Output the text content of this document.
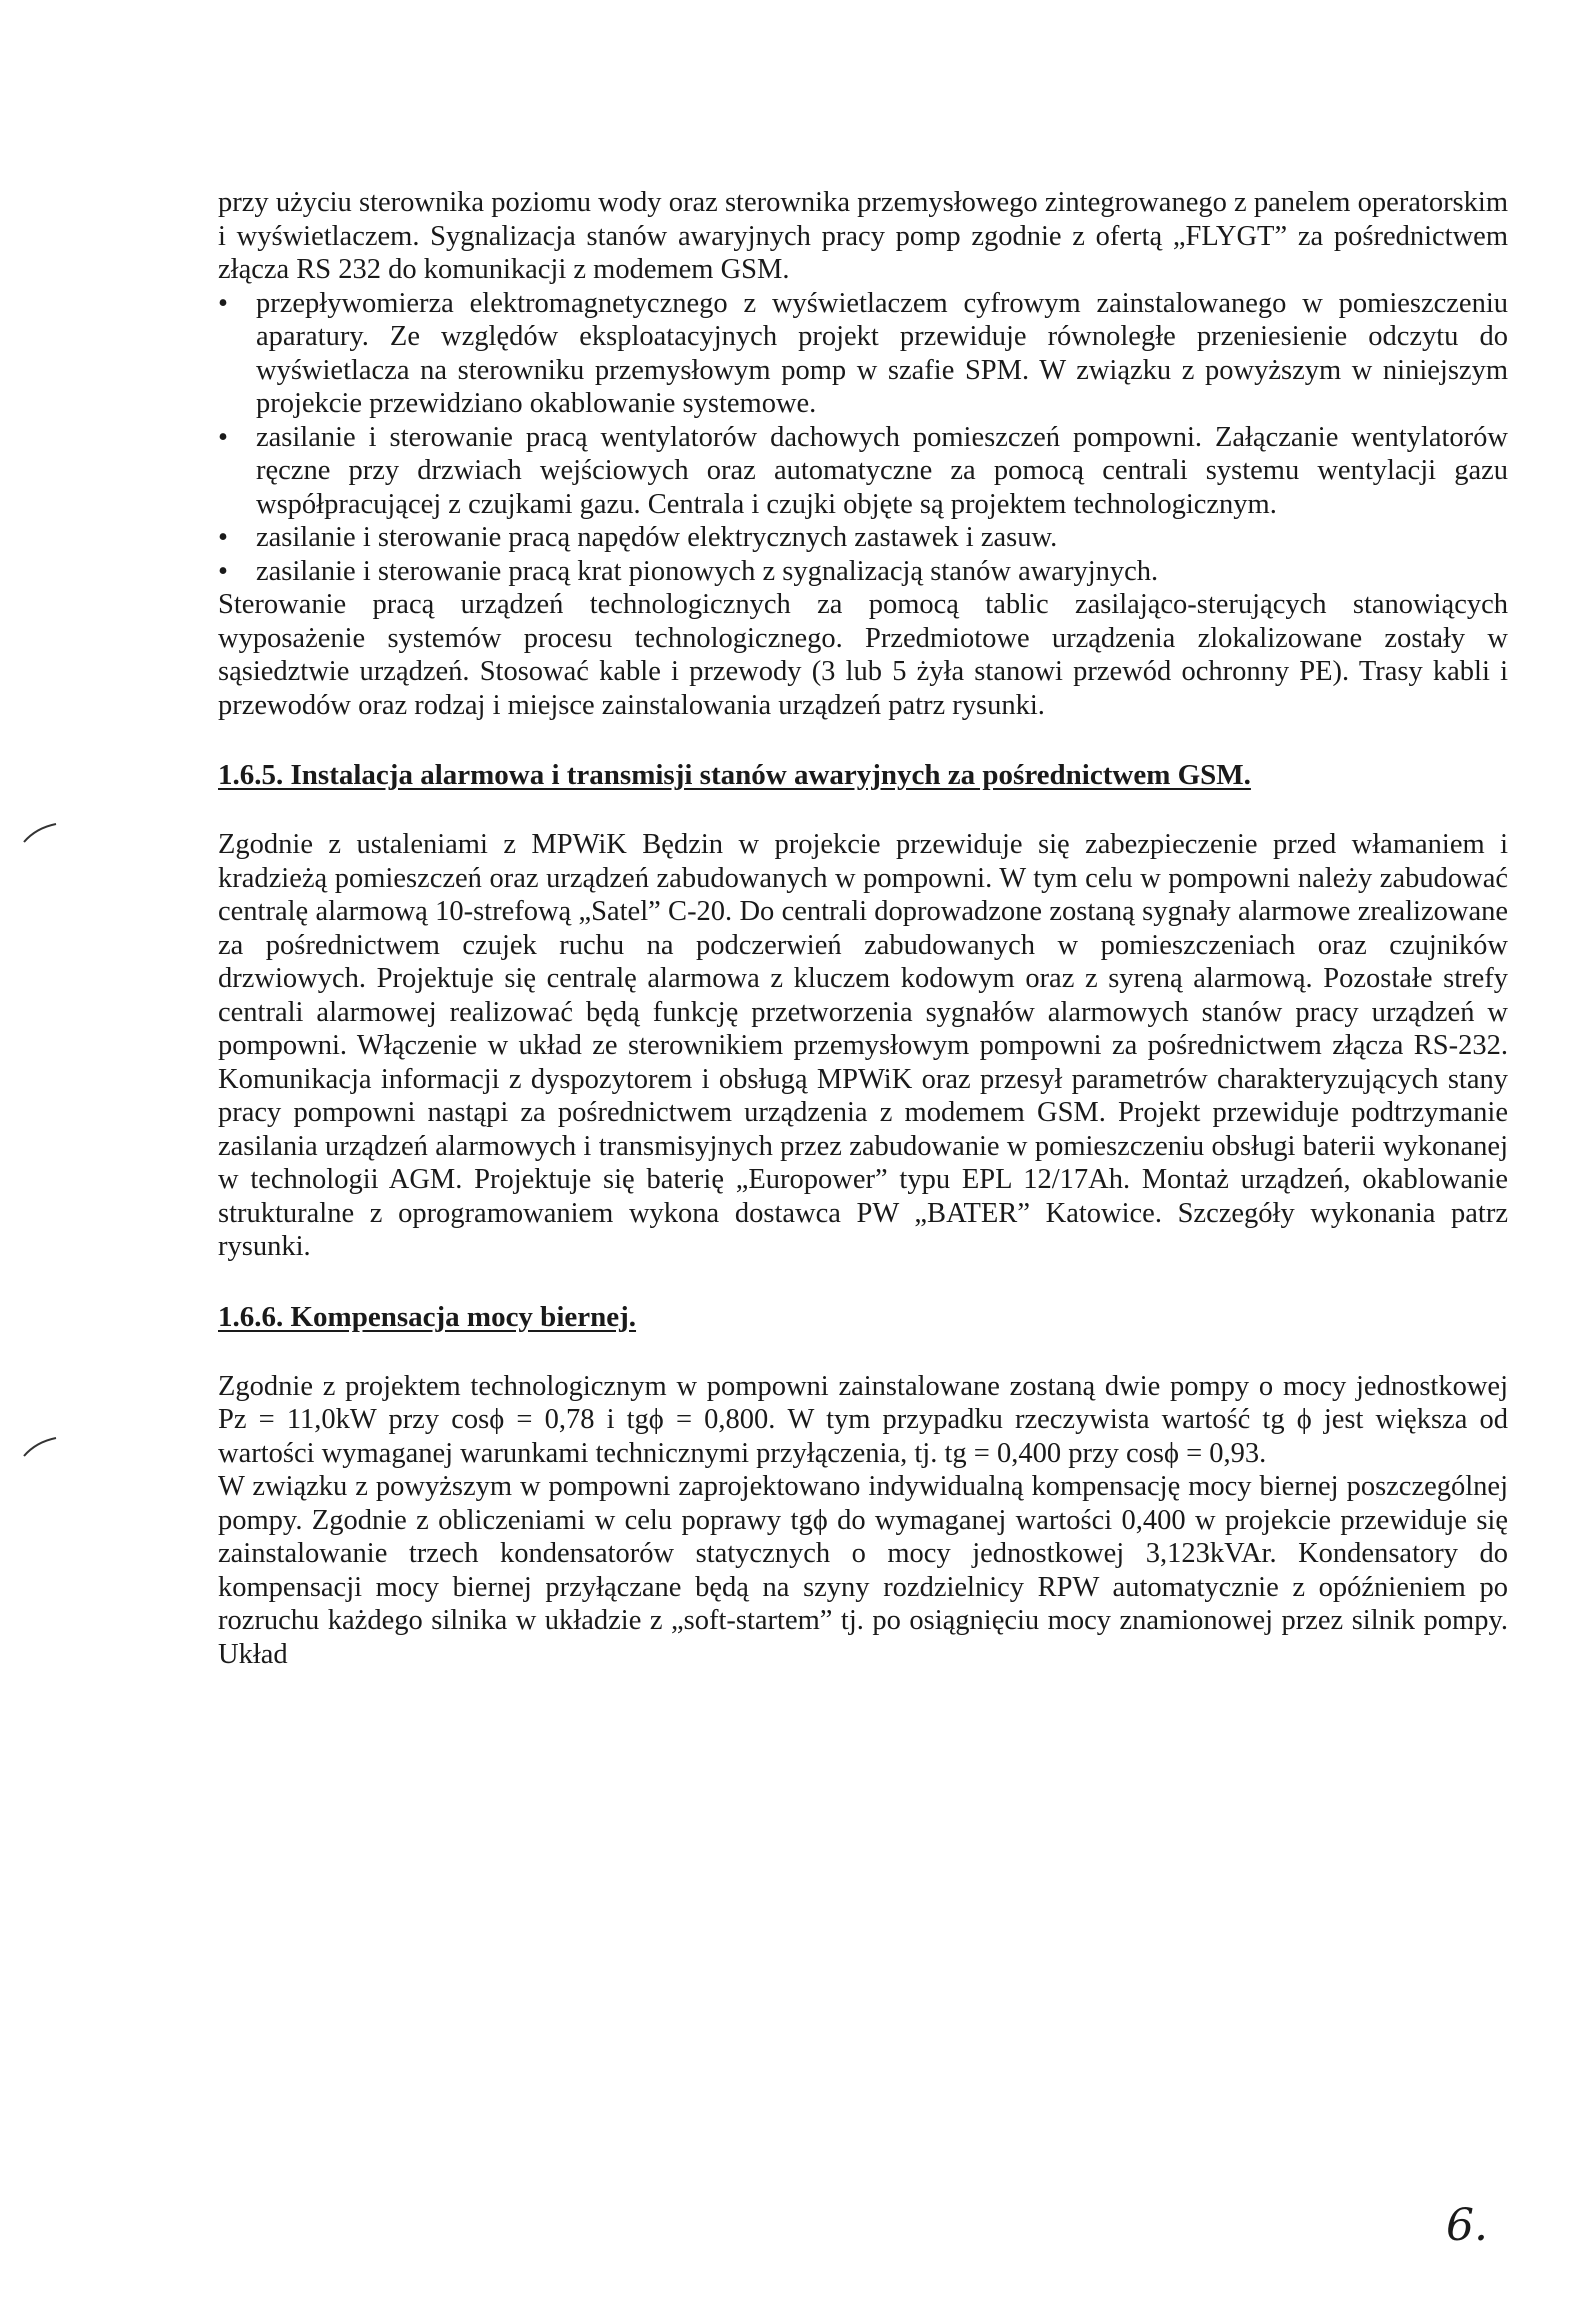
przy użyciu sterownika poziomu wody oraz sterownika przemysłowego zintegrowanego z panelem operatorskim i wyświetlaczem. Sygnalizacja stanów awaryjnych pracy pomp zgodnie z ofertą „FLYGT” za pośrednictwem złącza RS 232 do komunikacji z modemem GSM.

• przepływomierza elektromagnetycznego z wyświetlaczem cyfrowym zainstalowanego w pomieszczeniu aparatury. Ze względów eksploatacyjnych projekt przewiduje równoległe przeniesienie odczytu do wyświetlacza na sterowniku przemysłowym pomp w szafie SPM. W związku z powyższym w niniejszym projekcie przewidziano okablowanie systemowe.
• zasilanie i sterowanie pracą wentylatorów dachowych pomieszczeń pompowni. Załączanie wentylatorów ręczne przy drzwiach wejściowych oraz automatyczne za pomocą centrali systemu wentylacji gazu współpracującej z czujkami gazu. Centrala i czujki objęte są projektem technologicznym.
• zasilanie i sterowanie pracą napędów elektrycznych zastawek i zasuw.
• zasilanie i sterowanie pracą krat pionowych z sygnalizacją stanów awaryjnych.

Sterowanie pracą urządzeń technologicznych za pomocą tablic zasilająco-sterujących stanowiących wyposażenie systemów procesu technologicznego. Przedmiotowe urządzenia zlokalizowane zostały w sąsiedztwie urządzeń. Stosować kable i przewody (3 lub 5 żyła stanowi przewód ochronny PE). Trasy kabli i przewodów oraz rodzaj i miejsce zainstalowania urządzeń patrz rysunki.

1.6.5. Instalacja alarmowa i transmisji stanów awaryjnych za pośrednictwem GSM.

Zgodnie z ustaleniami z MPWiK Będzin w projekcie przewiduje się zabezpieczenie przed włamaniem i kradzieżą pomieszczeń oraz urządzeń zabudowanych w pompowni. W tym celu w pompowni należy zabudować centralę alarmową 10-strefową „Satel” C-20. Do centrali doprowadzone zostaną sygnały alarmowe zrealizowane za pośrednictwem czujek ruchu na podczerwień zabudowanych w pomieszczeniach oraz czujników drzwiowych. Projektuje się centralę alarmowa z kluczem kodowym oraz z syreną alarmową. Pozostałe strefy centrali alarmowej realizować będą funkcję przetworzenia sygnałów alarmowych stanów pracy urządzeń w pompowni. Włączenie w układ ze sterownikiem przemysłowym pompowni za pośrednictwem złącza RS-232. Komunikacja informacji z dyspozytorem i obsługą MPWiK oraz przesył parametrów charakteryzujących stany pracy pompowni nastąpi za pośrednictwem urządzenia z modemem GSM. Projekt przewiduje podtrzymanie zasilania urządzeń alarmowych i transmisyjnych przez zabudowanie w pomieszczeniu obsługi baterii wykonanej w technologii AGM. Projektuje się baterię „Europower” typu EPL 12/17Ah. Montaż urządzeń, okablowanie strukturalne z oprogramowaniem wykona dostawca PW „BATER” Katowice. Szczegóły wykonania patrz rysunki.

1.6.6. Kompensacja mocy biernej.

Zgodnie z projektem technologicznym w pompowni zainstalowane zostaną dwie pompy o mocy jednostkowej Pz = 11,0kW przy cosϕ = 0,78 i tgϕ = 0,800. W tym przypadku rzeczywista wartość tg ϕ jest większa od wartości wymaganej warunkami technicznymi przyłączenia, tj. tg = 0,400 przy cosϕ = 0,93.

W związku z powyższym w pompowni zaprojektowano indywidualną kompensację mocy biernej poszczególnej pompy. Zgodnie z obliczeniami w celu poprawy tgϕ do wymaganej wartości 0,400 w projekcie przewiduje się zainstalowanie trzech kondensatorów statycznych o mocy jednostkowej 3,123kVAr. Kondensatory do kompensacji mocy biernej przyłączane będą na szyny rozdzielnicy RPW automatycznie z opóźnieniem po rozruchu każdego silnika w układzie z „soft-startem” tj. po osiągnięciu mocy znamionowej przez silnik pompy. Układ

6.
